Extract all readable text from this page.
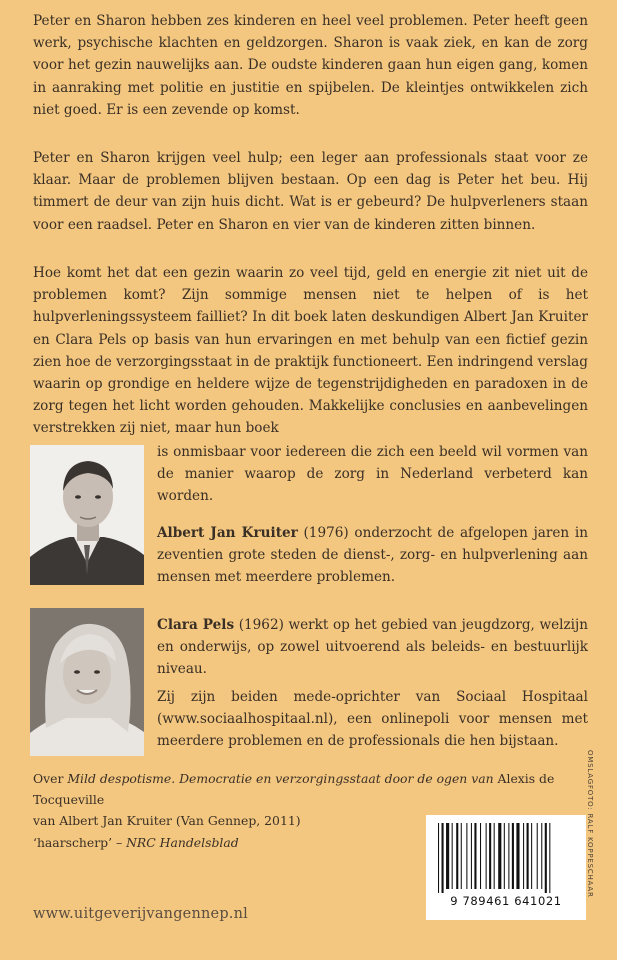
Peter en Sharon hebben zes kinderen en heel veel problemen. Peter heeft geen werk, psychische klachten en geldzorgen. Sharon is vaak ziek, en kan de zorg voor het gezin nauwelijks aan. De oudste kinderen gaan hun eigen gang, komen in aanraking met politie en justitie en spijbelen. De kleintjes ontwikkelen zich niet goed. Er is een zevende op komst.

Peter en Sharon krijgen veel hulp; een leger aan professionals staat voor ze klaar. Maar de problemen blijven bestaan. Op een dag is Peter het beu. Hij timmert de deur van zijn huis dicht. Wat is er gebeurd? De hulpverleners staan voor een raadsel. Peter en Sharon en vier van de kinderen zitten binnen.

Hoe komt het dat een gezin waarin zo veel tijd, geld en energie zit niet uit de problemen komt? Zijn sommige mensen niet te helpen of is het hulpverleningssysteem failliet? In dit boek laten deskundigen Albert Jan Kruiter en Clara Pels op basis van hun ervaringen en met behulp van een fictief gezin zien hoe de verzorgingsstaat in de praktijk functioneert. Een indringend verslag waarin op grondige en heldere wijze de tegenstrijdigheden en paradoxen in de zorg tegen het licht worden gehouden. Makkelijke conclusies en aanbevelingen verstrekken zij niet, maar hun boek

is onmisbaar voor iedereen die zich een beeld wil vormen van de manier waarop de zorg in Nederland verbeterd kan worden.

Albert Jan Kruiter (1976) onderzocht de afgelopen jaren in zeventien grote steden de dienst-, zorg- en hulpverlening aan mensen met meerdere problemen.

Clara Pels (1962) werkt op het gebied van jeugdzorg, welzijn en onderwijs, op zowel uitvoerend als beleids- en bestuurlijk niveau.

Zij zijn beiden mede-oprichter van Sociaal Hospitaal (www.sociaalhospitaal.nl), een onlinepoli voor mensen met meerdere problemen en de professionals die hen bijstaan.

Over Mild despotisme. Democratie en verzorgingsstaat door de ogen van Alexis de Tocqueville
van Albert Jan Kruiter (Van Gennep, 2011)

‘haarscherp’ – NRC Handelsblad

www.uitgeverijvangennep.nl
9 789461 641021
OMSLAGFOTO: RALF KOPPESCHAAR
